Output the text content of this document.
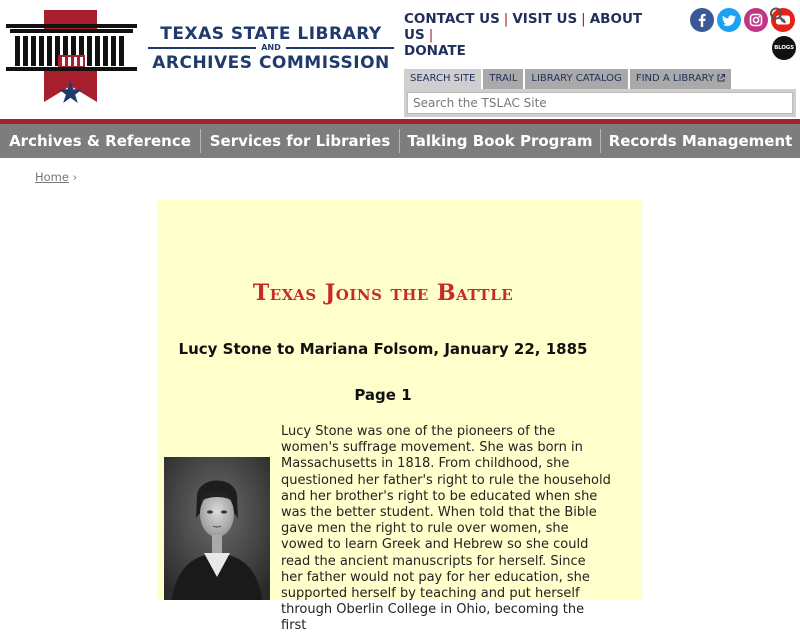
TEXAS STATE LIBRARY
AND
ARCHIVES COMMISSION
CONTACT US | VISIT US | ABOUT US |
DONATE	BLOGS
SEARCH SITE	TRAIL	LIBRARY CATALOG	FIND A LIBRARY
Search the TSLAC Site
Archives & Reference	Services for Libraries	Talking Book Program	Records Management
Home ›
Texas Joins the Battle
Lucy Stone to Mariana Folsom, January 22, 1885
Page 1
Lucy Stone was one of the pioneers of the women's suffrage movement. She was born in Massachusetts in 1818. From childhood, she questioned her father's right to rule the household and her brother's right to be educated when she was the better student. When told that the Bible gave men the right to rule over women, she vowed to learn Greek and Hebrew so she could read the ancient manuscripts for herself. Since her father would not pay for her education, she supported herself by teaching and put herself through Oberlin College in Ohio, becoming the first
